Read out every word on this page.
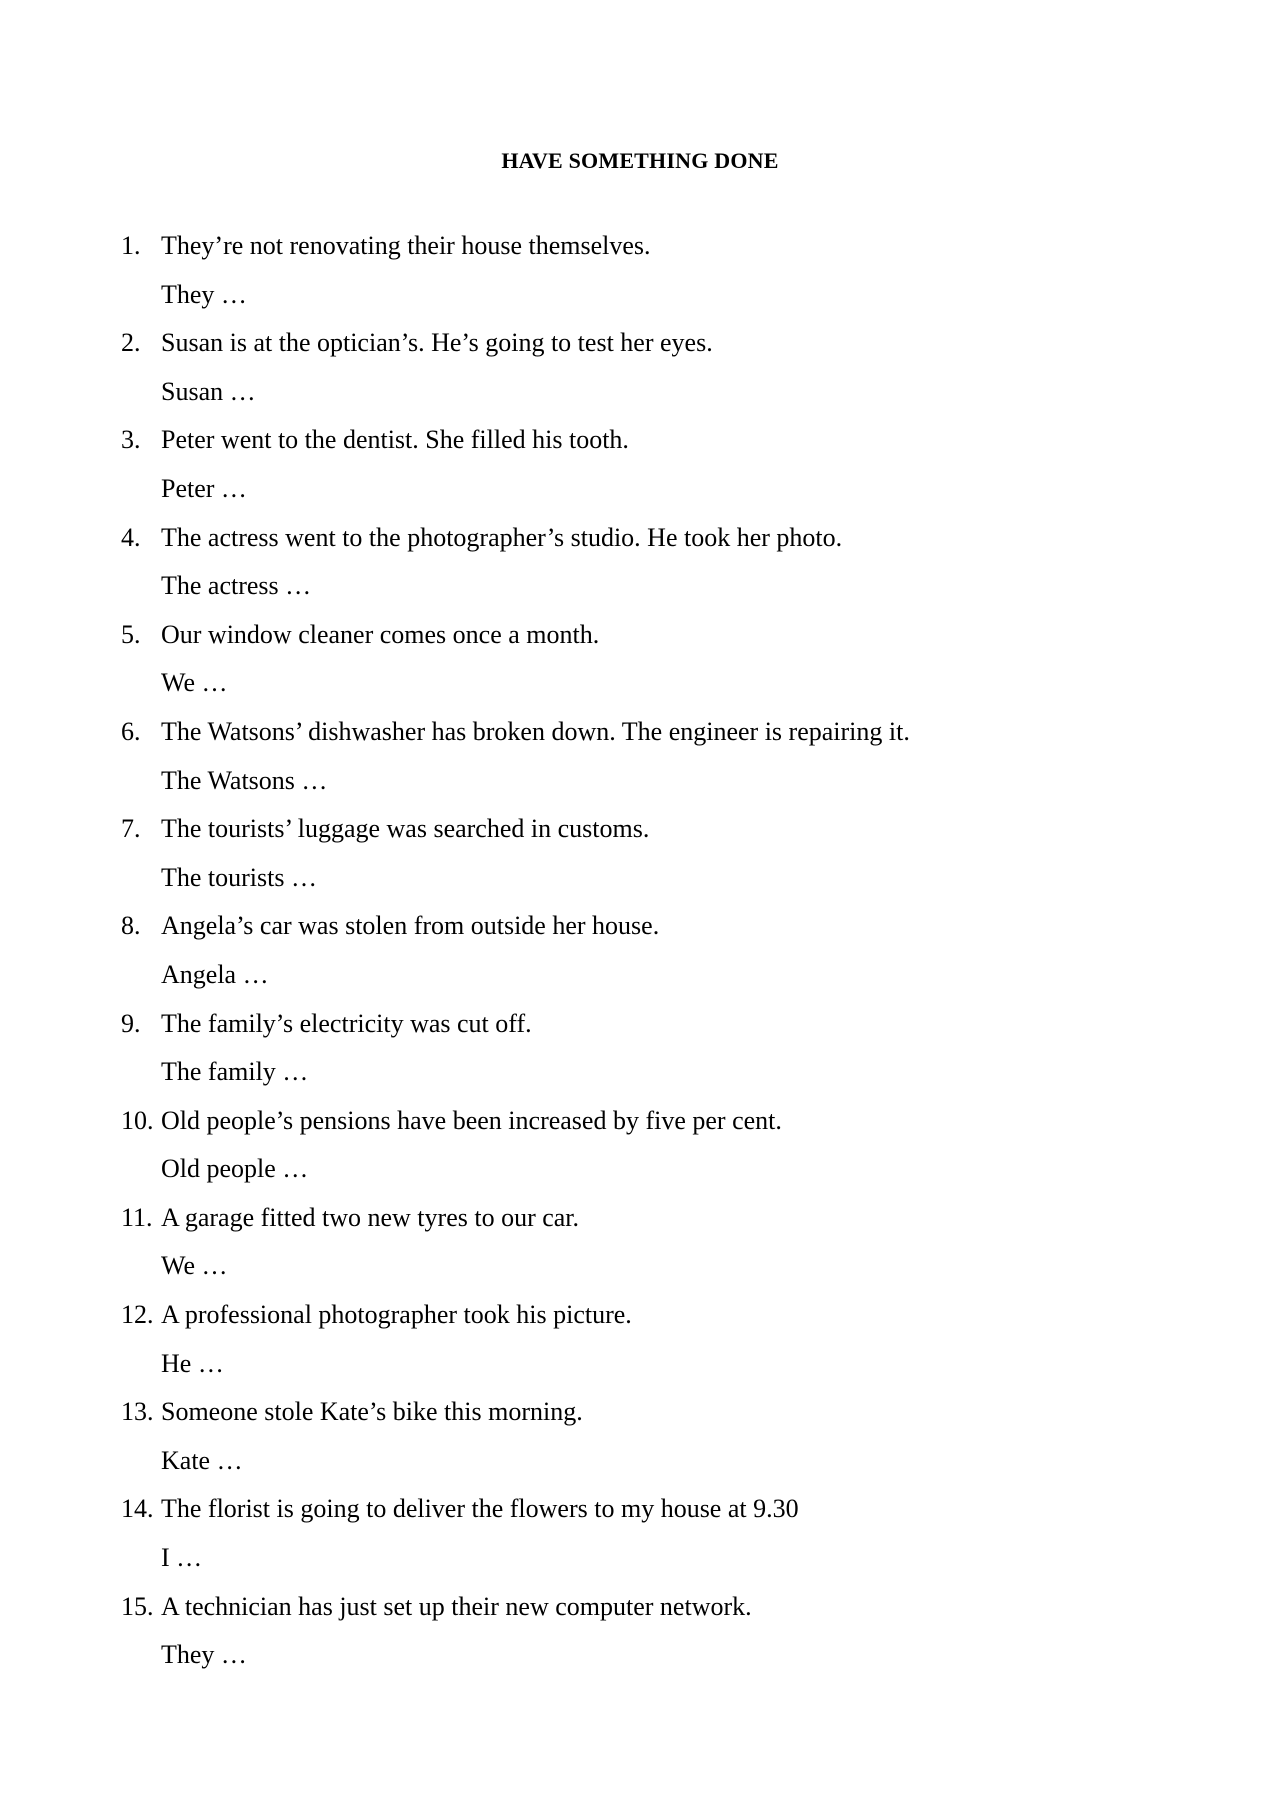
HAVE SOMETHING DONE
1. They’re not renovating their house themselves.
They …
2. Susan is at the optician’s. He’s going to test her eyes.
Susan …
3. Peter went to the dentist. She filled his tooth.
Peter …
4. The actress went to the photographer’s studio. He took her photo.
The actress …
5. Our window cleaner comes once a month.
We …
6. The Watsons’ dishwasher has broken down. The engineer is repairing it.
The Watsons …
7. The tourists’ luggage was searched in customs.
The tourists …
8. Angela’s car was stolen from outside her house.
Angela …
9. The family’s electricity was cut off.
The family …
10. Old people’s pensions have been increased by five per cent.
Old people …
11. A garage fitted two new tyres to our car.
We …
12. A professional photographer took his picture.
He …
13. Someone stole Kate’s bike this morning.
Kate …
14. The florist is going to deliver the flowers to my house at 9.30
I …
15. A technician has just set up their new computer network.
They …
